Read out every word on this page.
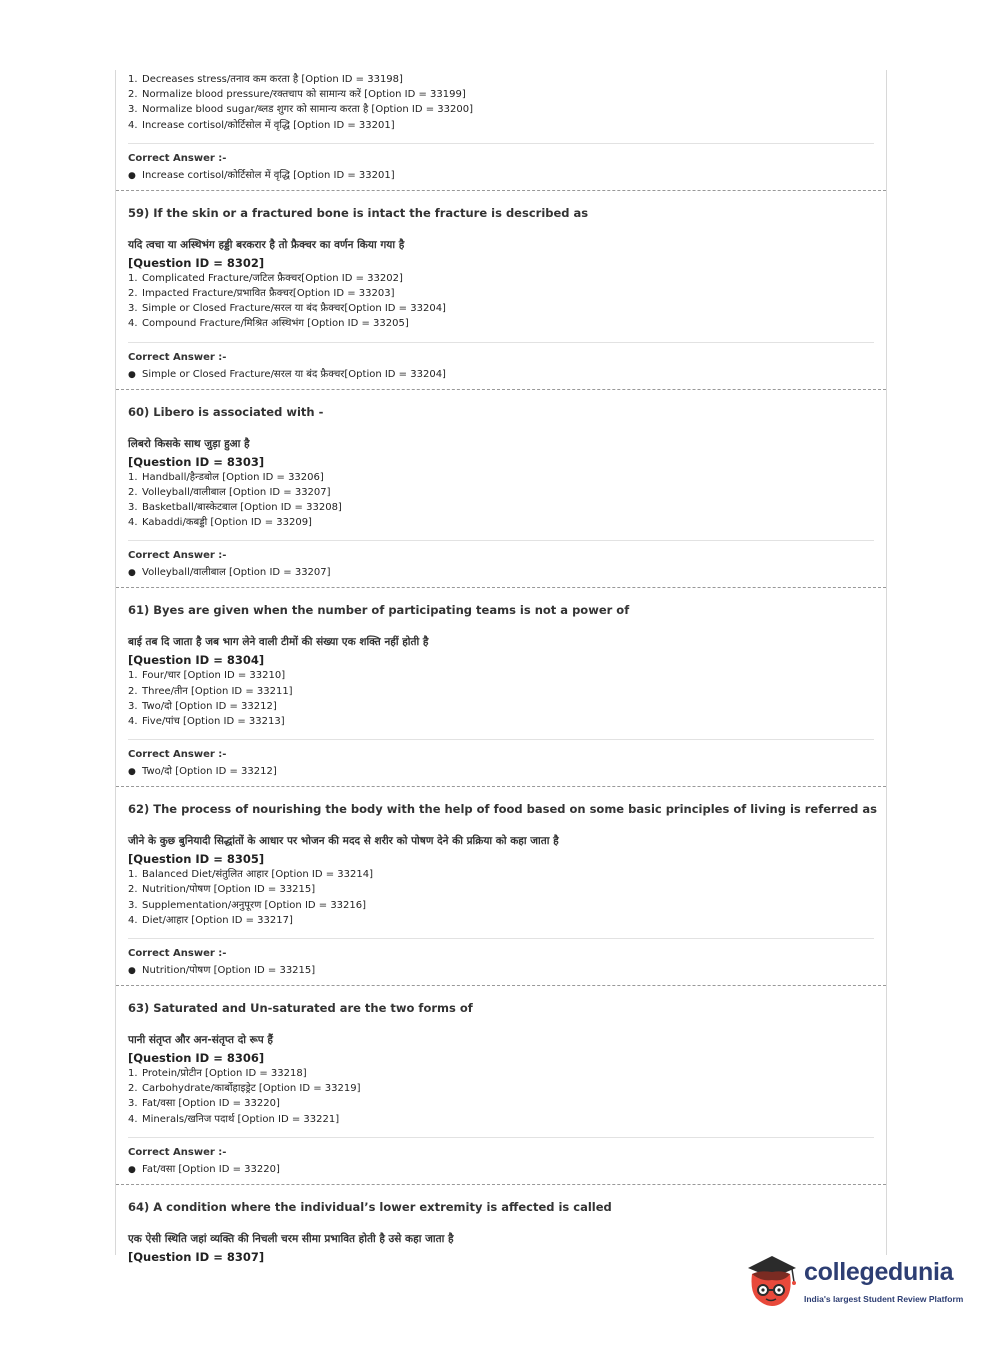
1. Decreases stress/तनाव कम करता है [Option ID = 33198]
2. Normalize blood pressure/रक्तचाप को सामान्य करें [Option ID = 33199]
3. Normalize blood sugar/ब्लड शुगर को सामान्य करता है [Option ID = 33200]
4. Increase cortisol/कोर्टिसोल में वृद्धि [Option ID = 33201]
Correct Answer :-
● Increase cortisol/कोर्टिसोल में वृद्धि [Option ID = 33201]
59) If the skin or a fractured bone is intact the fracture is described as
यदि त्वचा या अस्थिभंग हड्डी बरकरार है तो फ्रैक्चर का वर्णन किया गया है
[Question ID = 8302]
1. Complicated Fracture/जटिल फ्रैक्चर[Option ID = 33202]
2. Impacted Fracture/प्रभावित फ्रैक्चर[Option ID = 33203]
3. Simple or Closed Fracture/सरल या बंद फ्रैक्चर[Option ID = 33204]
4. Compound Fracture/मिश्रित अस्थिभंग [Option ID = 33205]
Correct Answer :-
● Simple or Closed Fracture/सरल या बंद फ्रैक्चर[Option ID = 33204]
60) Libero is associated with -
लिबरो किसके साथ जुड़ा हुआ है
[Question ID = 8303]
1. Handball/हैन्डबोल [Option ID = 33206]
2. Volleyball/वालीबाल [Option ID = 33207]
3. Basketball/बास्केटबाल [Option ID = 33208]
4. Kabaddi/कबड्डी [Option ID = 33209]
Correct Answer :-
● Volleyball/वालीबाल [Option ID = 33207]
61) Byes are given when the number of participating teams is not a power of
बाई तब दि जाता है जब भाग लेने वाली टीमों की संख्या एक शक्ति नहीं होती है
[Question ID = 8304]
1. Four/चार [Option ID = 33210]
2. Three/तीन [Option ID = 33211]
3. Two/दो [Option ID = 33212]
4. Five/पांच [Option ID = 33213]
Correct Answer :-
● Two/दो [Option ID = 33212]
62) The process of nourishing the body with the help of food based on some basic principles of living is referred as
जीने के कुछ बुनियादी सिद्धांतों के आधार पर भोजन की मदद से शरीर को पोषण देने की प्रक्रिया को कहा जाता है
[Question ID = 8305]
1. Balanced Diet/संतुलित आहार [Option ID = 33214]
2. Nutrition/पोषण [Option ID = 33215]
3. Supplementation/अनुपूरण [Option ID = 33216]
4. Diet/आहार [Option ID = 33217]
Correct Answer :-
● Nutrition/पोषण [Option ID = 33215]
63) Saturated and Un-saturated are the two forms of
पानी संतृप्त और अन-संतृप्त दो रूप हैं
[Question ID = 8306]
1. Protein/प्रोटीन [Option ID = 33218]
2. Carbohydrate/कार्बोहाइड्रेट [Option ID = 33219]
3. Fat/वसा [Option ID = 33220]
4. Minerals/खनिज पदार्थ [Option ID = 33221]
Correct Answer :-
● Fat/वसा [Option ID = 33220]
64) A condition where the individual’s lower extremity is affected is called
एक ऐसी स्थिति जहां व्यक्ति की निचली चरम सीमा प्रभावित होती है उसे कहा जाता है
[Question ID = 8307]
collegedunia
India's largest Student Review Platform
